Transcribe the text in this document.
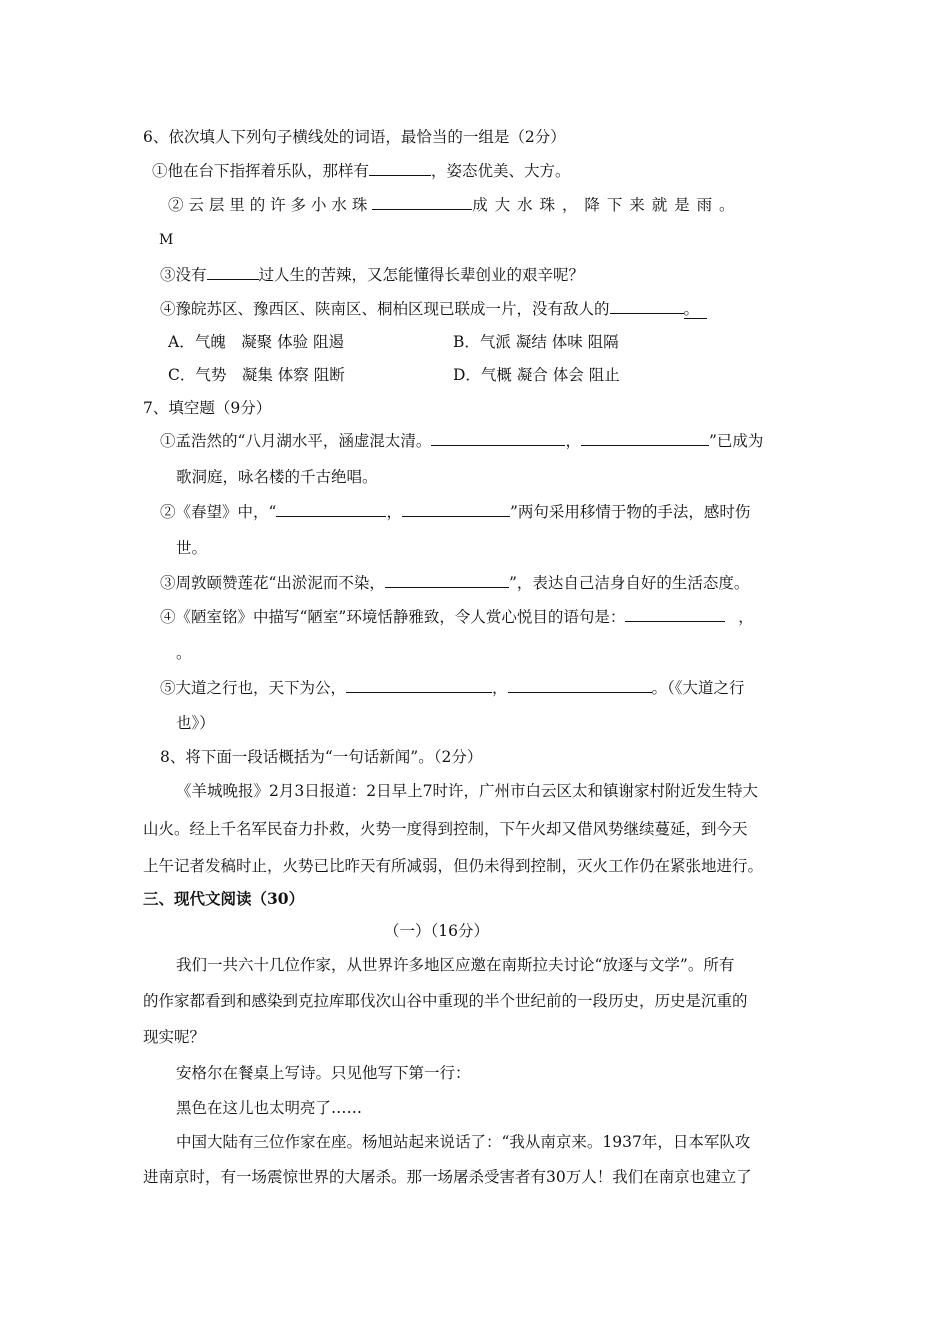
6、依次填人下列句子横线处的词语，最恰当的一组是（2分）
①他在台下指挥着乐队，那样有	，姿态优美、大方。
② 云 层 里 的 许 多 小 水 珠	成 大 水 珠 ， 降 下 来 就 是 雨 。
M
③没有	过人生的苦辣，又怎能懂得长辈创业的艰辛呢？
④豫皖苏区、豫西区、陕南区、桐柏区现已联成一片，没有敌人的	。
A．气魄　凝聚 体验 阻遏	B．气派 凝结 体味 阻隔
C．气势　凝集 体察 阻断	D．气概 凝合 体会 阻止
7、填空题（9分）
①孟浩然的“八月湖水平，涵虚混太清。	，	”已成为
歌洞庭，咏名楼的千古绝唱。
②《春望》中，“	，	”两句采用移情于物的手法，感时伤
世。
③周敦颐赞莲花“出淤泥而不染，	”，表达自己洁身自好的生活态度。
④《陋室铭》中描写“陋室”环境恬静雅致，令人赏心悦目的语句是：	，
。
⑤大道之行也，天下为公，	，	。（《大道之行
也》）
8、将下面一段话概括为“一句话新闻”。（2分）
《羊城晚报》2月3日报道：2日早上7时许，广州市白云区太和镇谢家村附近发生特大
山火。经上千名军民奋力扑救，火势一度得到控制，下午火却又借风势继续蔓延，到今天
上午记者发稿时止，火势已比昨天有所减弱，但仍未得到控制，灭火工作仍在紧张地进行。
三、现代文阅读（30）
（一）（16分）
我们一共六十几位作家，从世界许多地区应邀在南斯拉夫讨论“放逐与文学”。所有
的作家都看到和感染到克拉库耶伐次山谷中重现的半个世纪前的一段历史，历史是沉重的
现实呢？
安格尔在餐桌上写诗。只见他写下第一行：
黑色在这儿也太明亮了……
中国大陆有三位作家在座。杨旭站起来说话了：“我从南京来。1937年，日本军队攻
进南京时，有一场震惊世界的大屠杀。那一场屠杀受害者有30万人！我们在南京也建立了
